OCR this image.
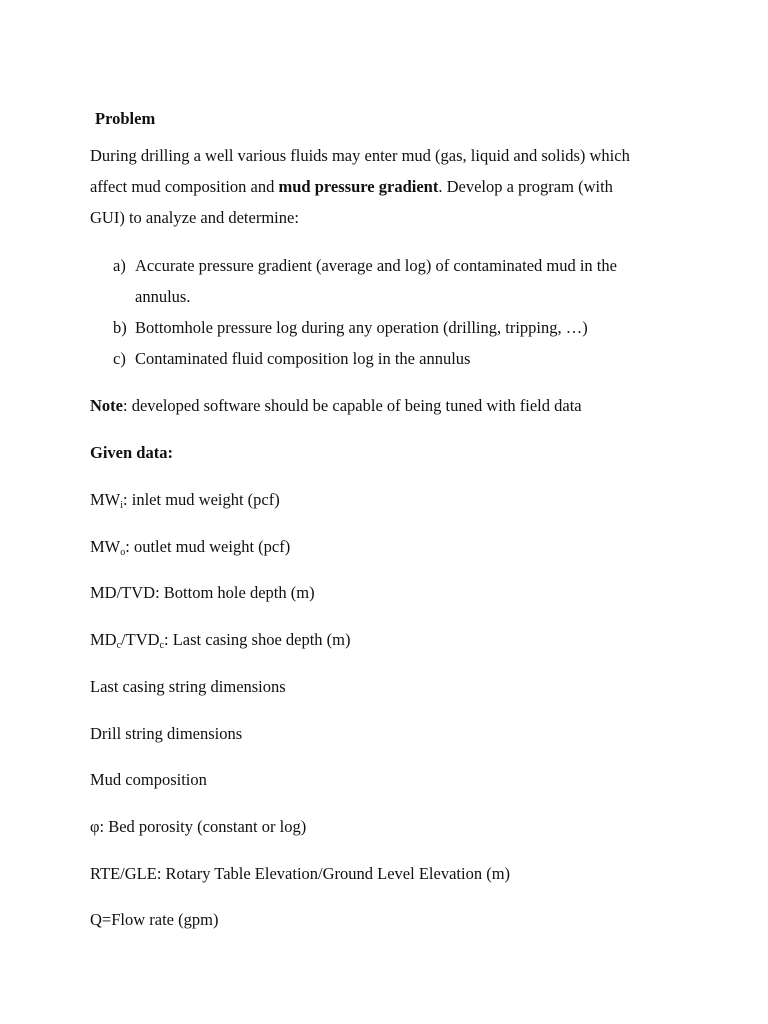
Problem
During drilling a well various fluids may enter mud (gas, liquid and solids) which
affect mud composition and mud pressure gradient. Develop a program (with
GUI) to analyze and determine:
a) Accurate pressure gradient (average and log) of contaminated mud in the
annulus.
b) Bottomhole pressure log during any operation (drilling, tripping, …)
c) Contaminated fluid composition log in the annulus
Note: developed software should be capable of being tuned with field data
Given data:
$MW_i$: inlet mud weight (pcf)
$MW_o$: outlet mud weight (pcf)
MD/TVD: Bottom hole depth (m)
$MD_c/TVD_c$: Last casing shoe depth (m)
Last casing string dimensions
Drill string dimensions
Mud composition
φ: Bed porosity (constant or log)
RTE/GLE: Rotary Table Elevation/Ground Level Elevation (m)
Q=Flow rate (gpm)
